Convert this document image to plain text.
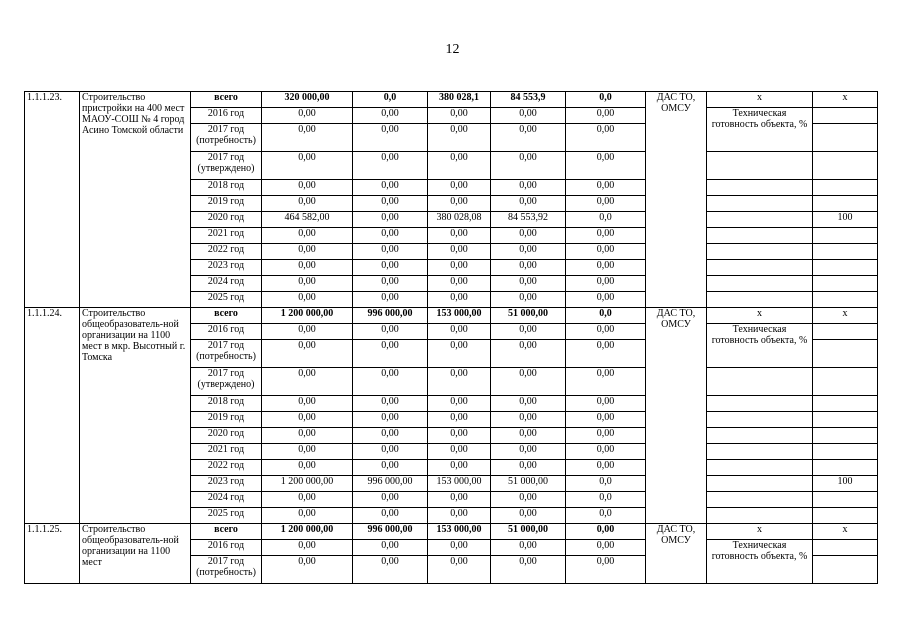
12
1.1.1.23.	Строительство пристройки на 400 мест МАОУ-СОШ № 4 город Асино Томской области	всего	320 000,00	0,0	380 028,1	84 553,9	0,0	ДАС ТО, ОМСУ	x	x
		2016 год	0,00	0,00	0,00	0,00	0,00		Техническая готовность объекта, %	
		2017 год (потребность)	0,00	0,00	0,00	0,00	0,00			
		2017 год (утверждено)	0,00	0,00	0,00	0,00	0,00			
		2018 год	0,00	0,00	0,00	0,00	0,00			
		2019 год	0,00	0,00	0,00	0,00	0,00			
		2020 год	464 582,00	0,00	380 028,08	84 553,92	0,0			100
		2021 год	0,00	0,00	0,00	0,00	0,00			
		2022 год	0,00	0,00	0,00	0,00	0,00			
		2023 год	0,00	0,00	0,00	0,00	0,00			
		2024 год	0,00	0,00	0,00	0,00	0,00			
		2025 год	0,00	0,00	0,00	0,00	0,00			
1.1.1.24.	Строительство общеобразователь-ной организации на 1100 мест в мкр. Высотный г. Томска	всего	1 200 000,00	996 000,00	153 000,00	51 000,00	0,0	ДАС ТО, ОМСУ	x	x
		2016 год	0,00	0,00	0,00	0,00	0,00		Техническая готовность объекта, %	
		2017 год (потребность)	0,00	0,00	0,00	0,00	0,00			
		2017 год (утверждено)	0,00	0,00	0,00	0,00	0,00			
		2018 год	0,00	0,00	0,00	0,00	0,00			
		2019 год	0,00	0,00	0,00	0,00	0,00			
		2020 год	0,00	0,00	0,00	0,00	0,00			
		2021 год	0,00	0,00	0,00	0,00	0,00			
		2022 год	0,00	0,00	0,00	0,00	0,00			
		2023 год	1 200 000,00	996 000,00	153 000,00	51 000,00	0,0			100
		2024 год	0,00	0,00	0,00	0,00	0,0			
		2025 год	0,00	0,00	0,00	0,00	0,0			
1.1.1.25.	Строительство общеобразователь-ной организации на 1100 мест	всего	1 200 000,00	996 000,00	153 000,00	51 000,00	0,00	ДАС ТО, ОМСУ	x	x
		2016 год	0,00	0,00	0,00	0,00	0,00		Техническая готовность объекта, %	
		2017 год (потребность)	0,00	0,00	0,00	0,00	0,00			
